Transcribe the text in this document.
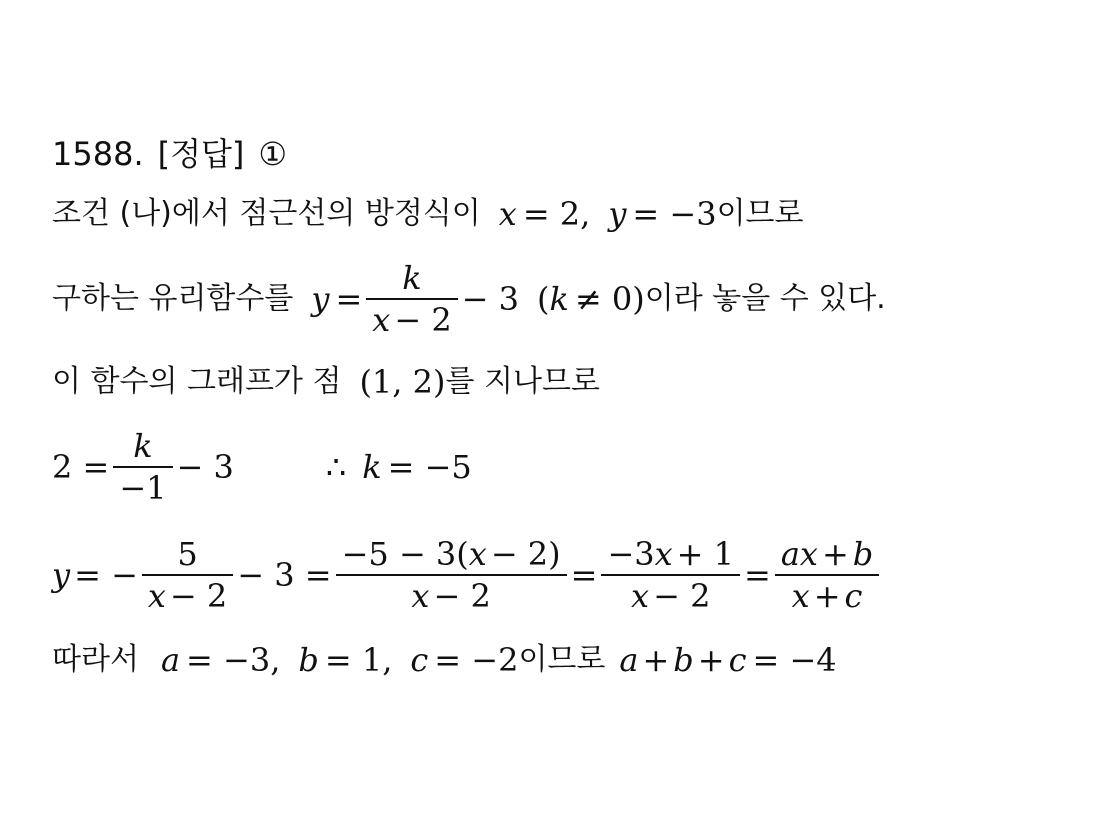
1588. [정답] ①
조건 (나)에서 점근선의 방정식이 x = 2, y = −3 이므로
구하는 유리함수를 $y = \frac{k}{x - 2} - 3$ ( k ≠ 0) 이라 놓을 수 있다.
이 함수의 그래프가 점 (1, 2) 를 지나므로
$2 = \frac{k}{-1} - 3$	∴ k = −5
y = − $\frac{5}{x - 2} - 3 = \frac{-5 - 3( x - 2)}{x - 2} = \frac{-3 x + 1}{x - 2} = \frac{ax + b}{x + c}$
따라서 a = −3, b = 1, c = −2 이므로 a + b + c = −4
